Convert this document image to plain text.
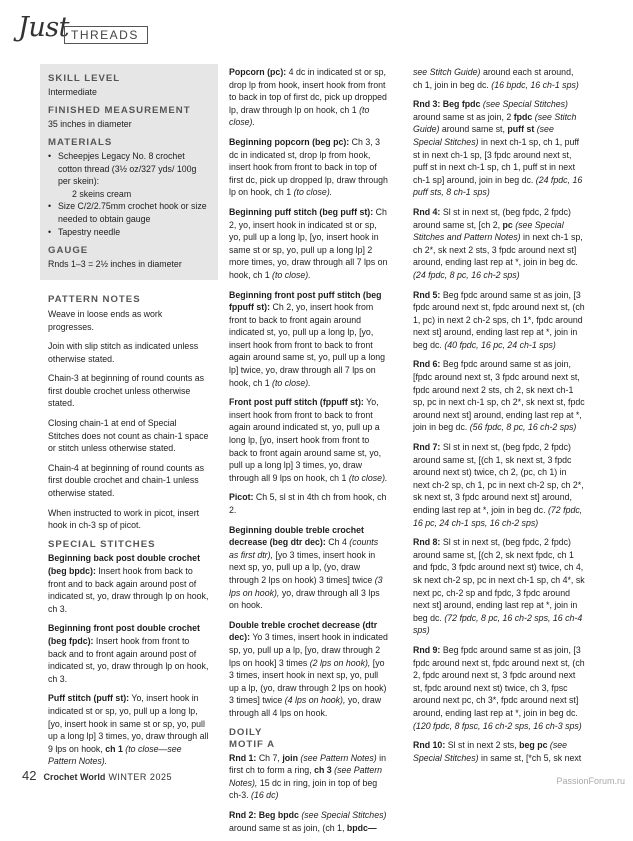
Just THREADS
SKILL LEVEL
Intermediate
FINISHED MEASUREMENT
35 inches in diameter
MATERIALS
• Scheepjes Legacy No. 8 crochet cotton thread (3½ oz/327 yds/ 100g per skein):
2 skeins cream
• Size C/2/2.75mm crochet hook or size needed to obtain gauge
• Tapestry needle
GAUGE
Rnds 1–3 = 2½ inches in diameter
PATTERN NOTES

Weave in loose ends as work progresses.

Join with slip stitch as indicated unless otherwise stated.

Chain-3 at beginning of round counts as first double crochet unless otherwise stated.

Closing chain-1 at end of Special Stitches does not count as chain-1 space or stitch unless otherwise stated.

Chain-4 at beginning of round counts as first double crochet and chain-1 unless otherwise stated.

When instructed to work in picot, insert hook in ch-3 sp of picot.

SPECIAL STITCHES
Beginning back post double crochet (beg bpdc): Insert hook from back to front and to back again around post of indicated st, yo, draw through lp on hook, ch 3.
Beginning front post double crochet (beg fpdc): Insert hook from front to back and to front again around post of indicated st, yo, draw through lp on hook, ch 3.
Puff stitch (puff st): Yo, insert hook in indicated st or sp, yo, pull up a long lp, [yo, insert hook in same st or sp, yo, pull up a long lp] 3 times, yo, draw through all 9 lps on hook, ch 1 (to close—see Pattern Notes).
Popcorn (pc): 4 dc in indicated st or sp, drop lp from hook, insert hook from front to back in top of first dc, pick up dropped lp, draw through lp on hook, ch 1 (to close).
Beginning popcorn (beg pc): Ch 3, 3 dc in indicated st, drop lp from hook, insert hook from front to back in top of first dc, pick up dropped lp, draw through lp on hook, ch 1 (to close).
Beginning puff stitch (beg puff st): Ch 2, yo, insert hook in indicated st or sp, yo, pull up a long lp, [yo, insert hook in same st or sp, yo, pull up a long lp] 2 more times, yo, draw through all 7 lps on hook, ch 1 (to close).
Beginning front post puff stitch (beg fppuff st): Ch 2, yo, insert hook from front to back to front again around indicated st, yo, pull up a long lp, [yo, insert hook from front to back to front again around same st, yo, pull up a long lp] twice, yo, draw through all 7 lps on hook, ch 1 (to close).
Front post puff stitch (fppuff st): Yo, insert hook from front to back to front again around indicated st, yo, pull up a long lp, [yo, insert hook from front to back to front again around same st, yo, pull up a long lp] 3 times, yo, draw through all 9 lps on hook, ch 1 (to close).
Picot: Ch 5, sl st in 4th ch from hook, ch 2.
Beginning double treble crochet decrease (beg dtr dec): Ch 4 (counts as first dtr), [yo 3 times, insert hook in next sp, yo, pull up a lp, (yo, draw through 2 lps on hook) 3 times] twice (3 lps on hook), yo, draw through all 3 lps on hook.
Double treble crochet decrease (dtr dec): Yo 3 times, insert hook in indicated sp, yo, pull up a lp, [yo, draw through 2 lps on hook] 3 times (2 lps on hook), [yo 3 times, insert hook in next sp, yo, pull up a lp, (yo, draw through 2 lps on hook) 3 times] twice (4 lps on hook), yo, draw through all 4 lps on hook.
DOILY
MOTIF A
Rnd 1: Ch 7, join (see Pattern Notes) in first ch to form a ring, ch 3 (see Pattern Notes), 15 dc in ring, join in top of beg ch-3. (16 dc)
Rnd 2: Beg bpdc (see Special Stitches) around same st as join, (ch 1, bpdc—
see Stitch Guide) around each st around, ch 1, join in beg dc. (16 bpdc, 16 ch-1 sps)
Rnd 3: Beg fpdc (see Special Stitches) around same st as join, 2 fpdc (see Stitch Guide) around same st, puff st (see Special Stitches) in next ch-1 sp, ch 1, puff st in next ch-1 sp, [3 fpdc around next st, puff st in next ch-1 sp, ch 1, puff st in next ch-1 sp] around, join in beg dc. (24 fpdc, 16 puff sts, 8 ch-1 sps)
Rnd 4: Sl st in next st, (beg fpdc, 2 fpdc) around same st, [ch 2, pc (see Special Stitches and Pattern Notes) in next ch-1 sp, ch 2*, sk next 2 sts, 3 fpdc around next st] around, ending last rep at *, join in beg dc. (24 fpdc, 8 pc, 16 ch-2 sps)
Rnd 5: Beg fpdc around same st as join, [3 fpdc around next st, fpdc around next st, (ch 1, pc) in next 2 ch-2 sps, ch 1*, fpdc around next st] around, ending last rep at *, join in beg dc. (40 fpdc, 16 pc, 24 ch-1 sps)
Rnd 6: Beg fpdc around same st as join, [fpdc around next st, 3 fpdc around next st, fpdc around next 2 sts, ch 2, sk next ch-1 sp, pc in next ch-1 sp, ch 2*, sk next st, fpdc around next st] around, ending last rep at *, join in beg dc. (56 fpdc, 8 pc, 16 ch-2 sps)
Rnd 7: Sl st in next st, (beg fpdc, 2 fpdc) around same st, [(ch 1, sk next st, 3 fpdc around next st) twice, ch 2, (pc, ch 1) in next ch-2 sp, ch 1, pc in next ch-2 sp, ch 2*, sk next st, 3 fpdc around next st] around, ending last rep at *, join in beg dc. (72 fpdc, 16 pc, 24 ch-1 sps, 16 ch-2 sps)
Rnd 8: Sl st in next st, (beg fpdc, 2 fpdc) around same st, [(ch 2, sk next fpdc, ch 1 and fpdc, 3 fpdc around next st) twice, ch 4, sk next ch-2 sp, pc in next ch-1 sp, ch 4*, sk next pc, ch-2 sp and fpdc, 3 fpdc around next st] around, ending last rep at *, join in beg dc. (72 fpdc, 8 pc, 16 ch-2 sps, 16 ch-4 sps)
Rnd 9: Beg fpdc around same st as join, [3 fpdc around next st, fpdc around next st, (ch 2, fpdc around next st, 3 fpdc around next st, fpdc around next st) twice, ch 3, fpsc around next pc, ch 3*, fpdc around next st] around, ending last rep at *, join in beg dc. (120 fpdc, 8 fpsc, 16 ch-2 sps, 16 ch-3 sps)
Rnd 10: Sl st in next 2 sts, beg pc (see Special Stitches) in same st, [*ch 5, sk next
42 Crochet World WINTER 2025	PassionForum.ru
